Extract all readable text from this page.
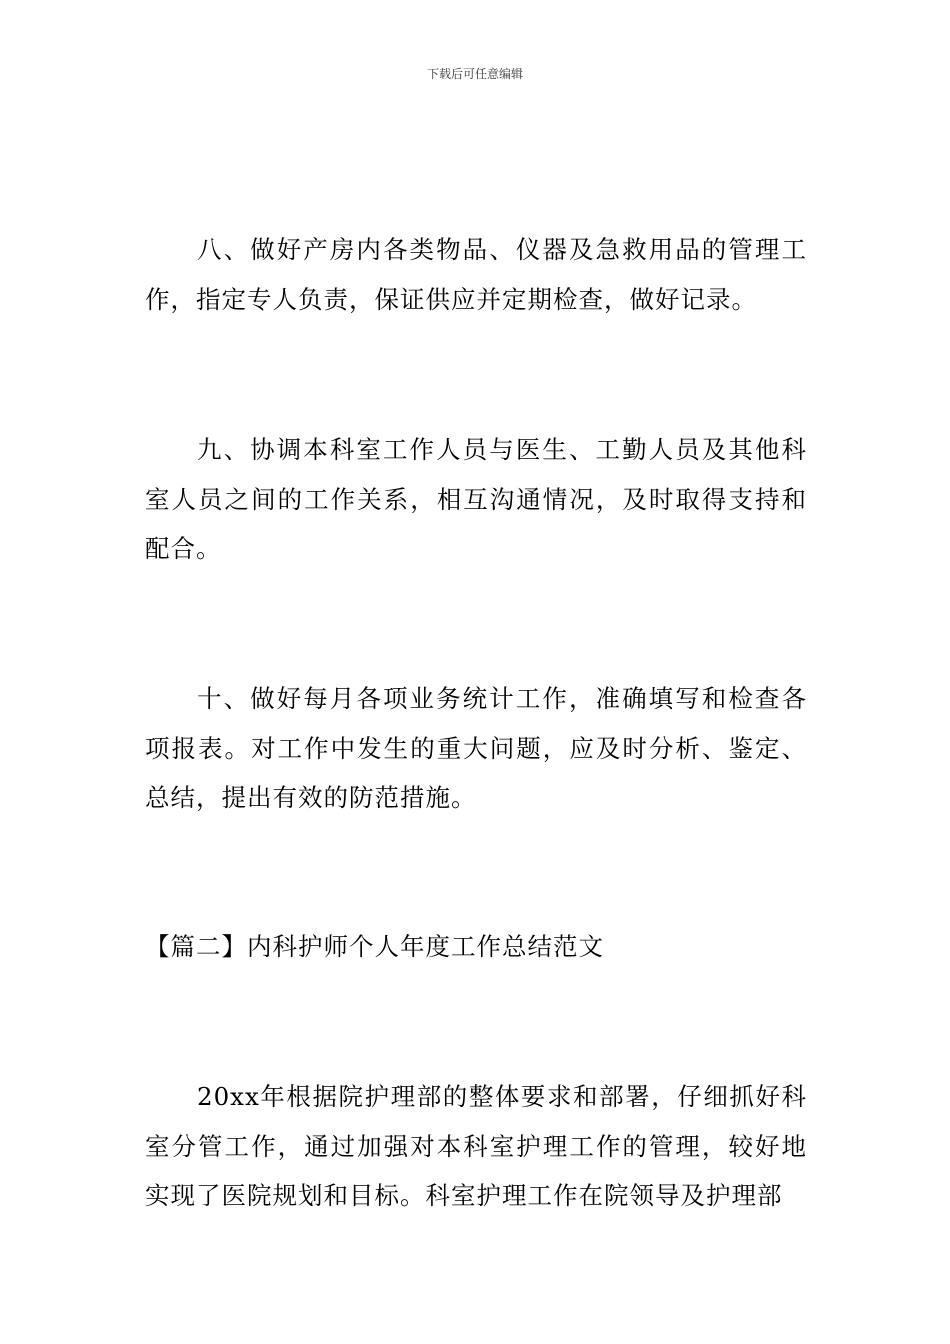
下载后可任意编辑

八、做好产房内各类物品、仪器及急救用品的管理工作，指定专人负责，保证供应并定期检查，做好记录。

九、协调本科室工作人员与医生、工勤人员及其他科室人员之间的工作关系，相互沟通情况，及时取得支持和配合。

十、做好每月各项业务统计工作，准确填写和检查各项报表。对工作中发生的重大问题，应及时分析、鉴定、总结，提出有效的防范措施。

【篇二】内科护师个人年度工作总结范文

20xx年根据院护理部的整体要求和部署，仔细抓好科室分管工作，通过加强对本科室护理工作的管理，较好地实现了医院规划和目标。科室护理工作在院领导及护理部
